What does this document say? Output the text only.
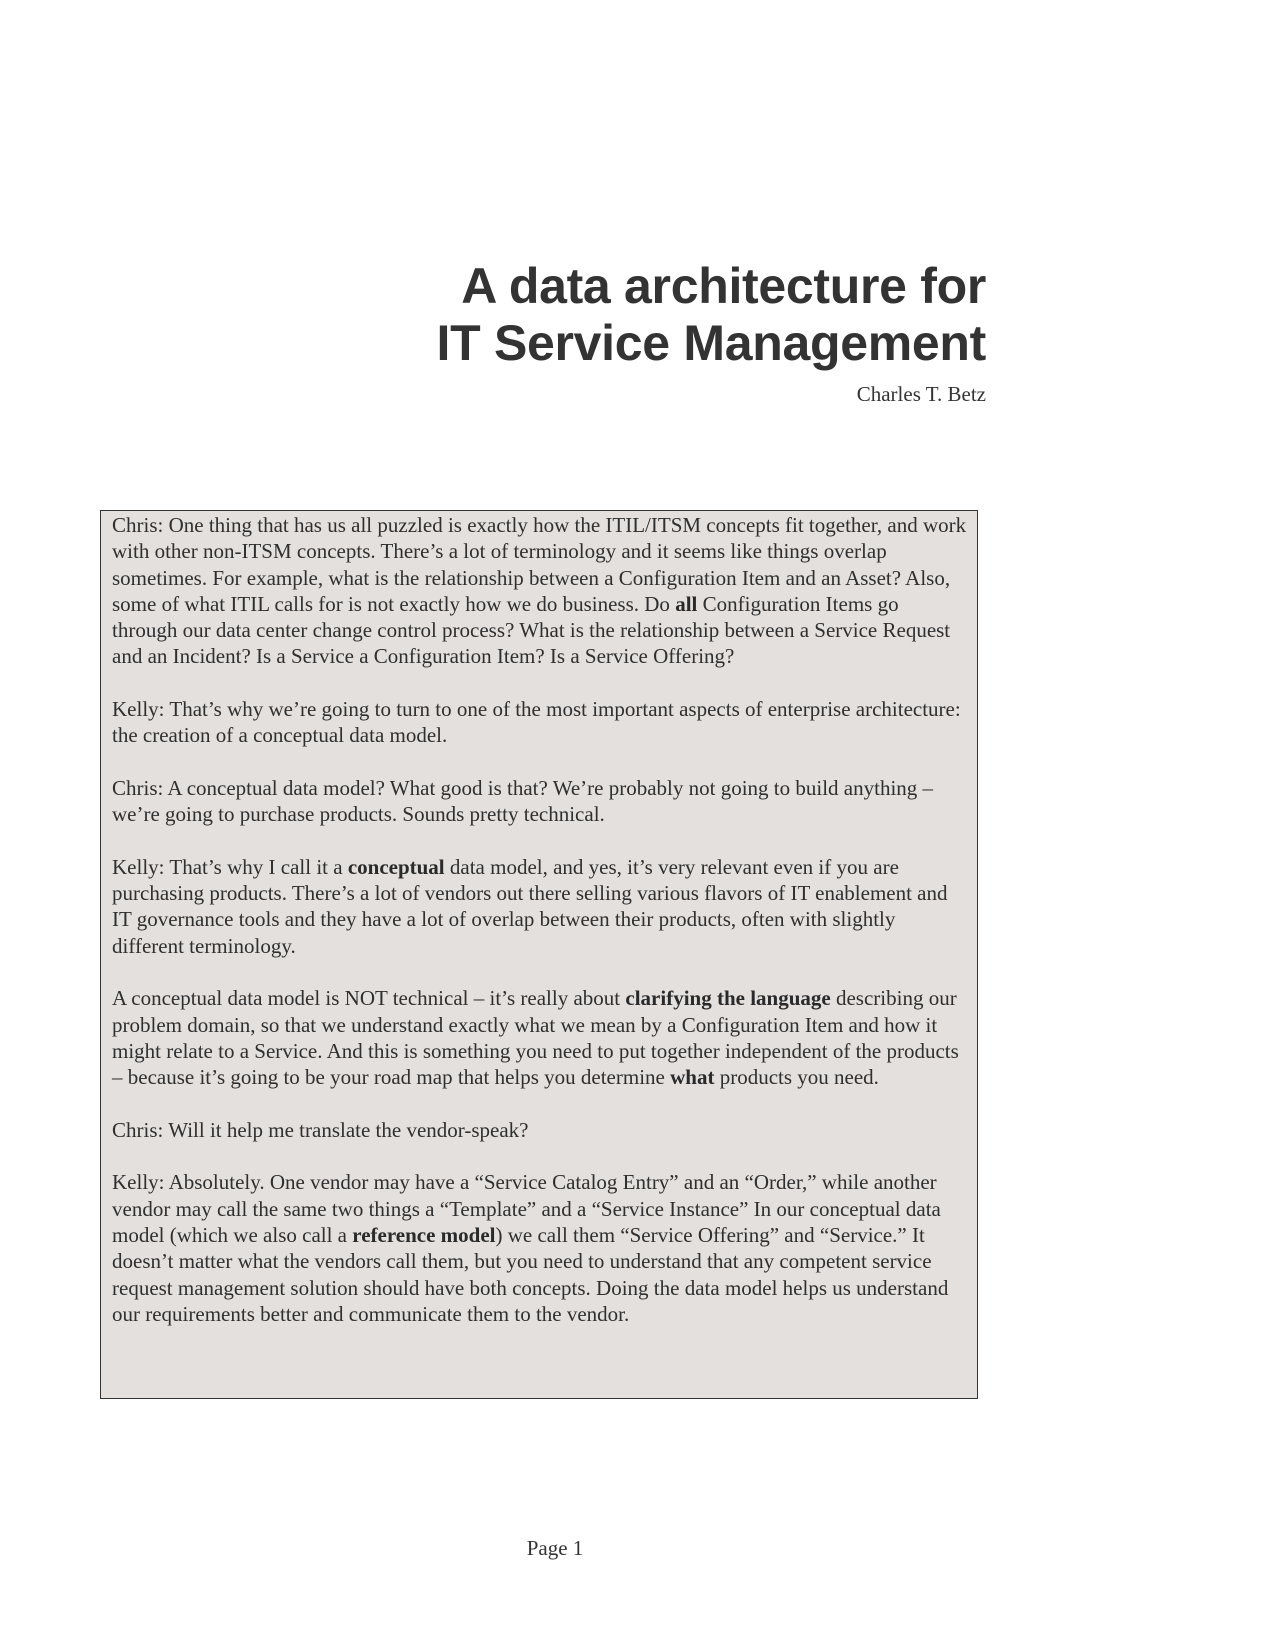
A data architecture for
IT Service Management
Charles T. Betz

Chris: One thing that has us all puzzled is exactly how the ITIL/ITSM concepts fit together, and work with other non-ITSM concepts. There’s a lot of terminology and it seems like things overlap sometimes. For example, what is the relationship between a Configuration Item and an Asset? Also, some of what ITIL calls for is not exactly how we do business. Do all Configuration Items go through our data center change control process? What is the relationship between a Service Request and an Incident? Is a Service a Configuration Item? Is a Service Offering?

Kelly: That’s why we’re going to turn to one of the most important aspects of enterprise architecture: the creation of a conceptual data model.

Chris: A conceptual data model? What good is that? We’re probably not going to build anything – we’re going to purchase products. Sounds pretty technical.

Kelly: That’s why I call it a conceptual data model, and yes, it’s very relevant even if you are purchasing products. There’s a lot of vendors out there selling various flavors of IT enablement and IT governance tools and they have a lot of overlap between their products, often with slightly different terminology.

A conceptual data model is NOT technical – it’s really about clarifying the language describing our problem domain, so that we understand exactly what we mean by a Configuration Item and how it might relate to a Service. And this is something you need to put together independent of the products – because it’s going to be your road map that helps you determine what products you need.

Chris: Will it help me translate the vendor-speak?

Kelly: Absolutely. One vendor may have a “Service Catalog Entry” and an “Order,” while another vendor may call the same two things a “Template” and a “Service Instance” In our conceptual data model (which we also call a reference model) we call them “Service Offering” and “Service.” It doesn’t matter what the vendors call them, but you need to understand that any competent service request management solution should have both concepts. Doing the data model helps us understand our requirements better and communicate them to the vendor.

Page 1
